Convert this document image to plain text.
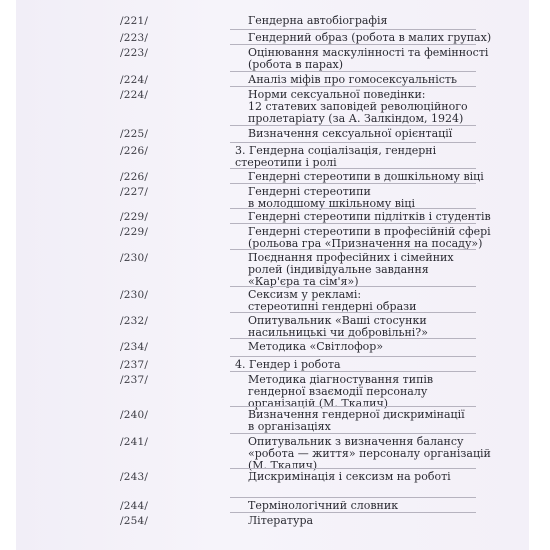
/221/	Гендерна автобіографія
/223/	Гендерний образ (робота в малих групах)
/223/	Оцінювання маскулінності та фемінності
(робота в парах)
/224/	Аналіз міфів про гомосексуальність
/224/	Норми сексуальної поведінки:
12 статевих заповідей революційного
пролетаріату (за А. Залкіндом, 1924)
/225/	Визначення сексуальної орієнтації
/226/	3. Гендерна соціалізація, гендерні
стереотипи і ролі
/226/	Гендерні стереотипи в дошкільному віці
/227/	Гендерні стереотипи
в молодшому шкільному віці
/229/	Гендерні стереотипи підлітків і студентів
/229/	Гендерні стереотипи в професійній сфері
(рольова гра «Призначення на посаду»)
/230/	Поєднання професійних і сімейних
ролей (індивідуальне завдання
«Кар'єра та сім'я»)
/230/	Сексизм у рекламі:
стереотипні гендерні образи
/232/	Опитувальник «Ваші стосунки
насильницькі чи добровільні?»
/234/	Методика «Світлофор»
/237/	4. Гендер і робота
/237/	Методика діагностування типів
гендерної взаємодії персоналу
організацій (М. Ткалич)
/240/	Визначення гендерної дискримінації
в організаціях
/241/	Опитувальник з визначення балансу
«робота — життя» персоналу організацій
(М. Ткалич)
/243/	Дискримінація і сексизм на роботі
/244/	Термінологічний словник
/254/	Література
